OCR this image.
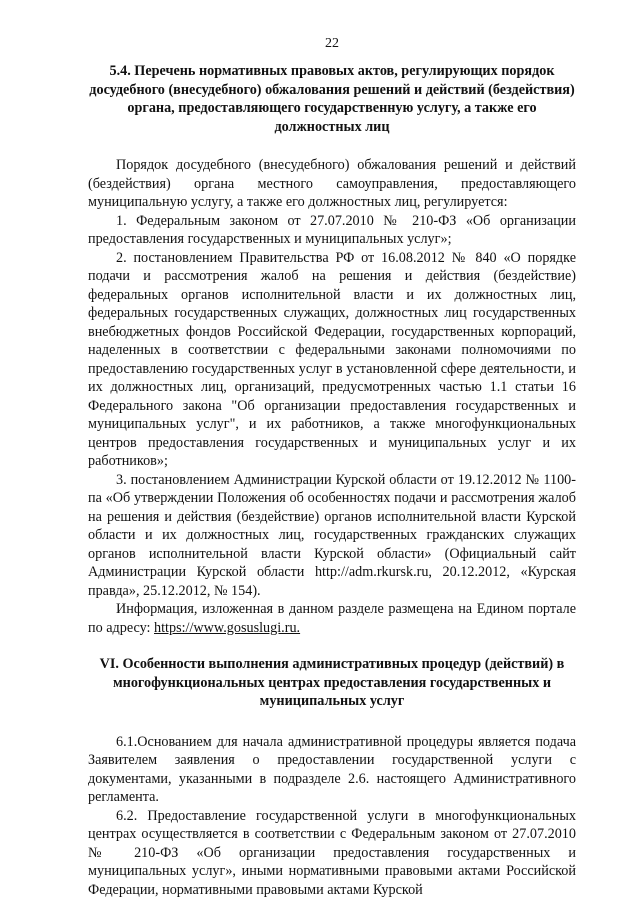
22
5.4. Перечень нормативных правовых актов, регулирующих порядок досудебного (внесудебного) обжалования решений и действий (бездействия) органа, предоставляющего государственную услугу, а также его должностных лиц

Порядок досудебного (внесудебного) обжалования решений и действий (бездействия) органа местного самоуправления, предоставляющего муниципальную услугу, а также его должностных лиц, регулируется:

1. Федеральным законом от 27.07.2010 № 210-ФЗ «Об организации предоставления государственных и муниципальных услуг»;

2. постановлением Правительства РФ от 16.08.2012 № 840 «О порядке подачи и рассмотрения жалоб на решения и действия (бездействие) федеральных органов исполнительной власти и их должностных лиц, федеральных государственных служащих, должностных лиц государственных внебюджетных фондов Российской Федерации, государственных корпораций, наделенных в соответствии с федеральными законами полномочиями по предоставлению государственных услуг в установленной сфере деятельности, и их должностных лиц, организаций, предусмотренных частью 1.1 статьи 16 Федерального закона "Об организации предоставления государственных и муниципальных услуг", и их работников, а также многофункциональных центров предоставления государственных и муниципальных услуг и их работников»;

3. постановлением Администрации Курской области от 19.12.2012 № 1100-па «Об утверждении Положения об особенностях подачи и рассмотрения жалоб на решения и действия (бездействие) органов исполнительной власти Курской области и их должностных лиц, государственных гражданских служащих органов исполнительной власти Курской области» (Официальный сайт Администрации Курской области http://adm.rkursk.ru, 20.12.2012, «Курская правда», 25.12.2012, № 154).

Информация, изложенная в данном разделе размещена на Едином портале по адресу: https://www.gosuslugi.ru.

VI. Особенности выполнения административных процедур (действий) в многофункциональных центрах предоставления государственных и муниципальных услуг

6.1.Основанием для начала административной процедуры является подача Заявителем заявления о предоставлении государственной услуги с документами, указанными в подразделе 2.6. настоящего Административного регламента.

6.2. Предоставление государственной услуги в многофункциональных центрах осуществляется в соответствии с Федеральным законом от 27.07.2010 № 210-ФЗ «Об организации предоставления государственных и муниципальных услуг», иными нормативными правовыми актами Российской Федерации, нормативными правовыми актами Курской
